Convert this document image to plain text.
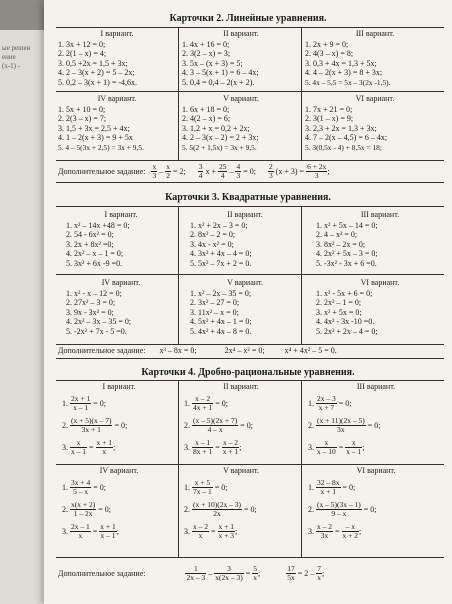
ые решен
ение
(х-1) -

Карточки 2. Линейные уравнения.
I вариант.
1. 3x + 12 = 0;
2. 2(1 – x) = 4;
3. 0,5 +2x = 1,5 + 3x;
4. 2 – 3(x + 2) = 5 – 2x;
5. 0,2 – 3(x + 1) = -4,6x.
II вариант.
1. 4x + 16 = 0;
2. 3(2 – x) = 3;
3. 5x – (x + 3) = 5;
4. 3 – 5(x + 1) = 6 – 4x;
5. 0,4 = 0,4 – 2(x + 2).
III вариант.
1. 2x + 9 = 0;
2. 4(3 – x) = 8;
3. 0,3 + 4x = 1,3 + 5x;
4. 4 – 2(x + 3) = 8 + 3x;
5. 4x – 5,5 = 5x – 3(2x -1,5).
IV вариант.
1. 5x + 10 = 0;
2. 2(3 – x) = 7;
3. 1,5 + 3x = 2,5 + 4x;
4. 1 – 2(x + 3) = 9 + 5x
5. 4 – 5(3x + 2,5) = 3x + 9,5.
V вариант.
1. 6x + 18 = 0;
2. 4(2 – x) = 6;
3. 1,2 + x = 0,2 + 2x;
4. 2 – 3(x – 2) = 2 + 3x;
5. 5(2 + 1,5x) = 3x + 9,5.
VI вариант.
1. 7x + 21 = 0;
2. 3(1 – x) = 9;
3. 2,3 + 2x = 1,3 + 3x;
4. 7 – 2(x – 4,5) = 6 – 4x;
5. 3(0,5x - 4) + 8,5x = 18;
Дополнительное задание: $\frac{x}{3} - \frac{x}{2} = 2$; $\frac{3}{4}$ $x + \frac{25}{4} - \frac{4}{3} = 0$; $\frac{2}{3} (x + 3) = \frac{6 + 2x}{3}$ ;
Карточки 3. Квадратные уравнения.
I вариант.
1. x² – 14x +48 = 0;
2. 54 - 6x² = 0;
3. 2x + 8x² =0;
4. 2x² – x – 1 = 0;
5. 3x² + 6x -9 =0.
II вариант.
1. x² + 2x – 3 = 0;
2. 8x² – 2 = 0;
3. 4x - x² = 0;
4. 3x² + 4x – 4 = 0;
5. 5x² – 7x + 2 = 0.
III вариант.
1. x² + 5x – 14 = 0;
2. 4 – x² = 0;
3. 8x² – 2x = 0;
4. 2x² + 5x – 3 = 0;
5. -3x² - 3x + 6 =0.
IV вариант.
1. x² - x – 12 = 0;
2. 27x² – 3 = 0;
3. 9x - 3x² = 0;
4. 2x² – 3x – 35 = 0;
5. -2x² + 7x - 5 =0.
V вариант.
1. x² – 2x – 35 = 0;
2. 3x² – 27 = 0;
3. 11x² – x = 0;
4. 5x² + 4x – 1 = 0;
5. 4x² + 4x – 8 = 0.
VI вариант.
1. x² - 5x + 6 = 0;
2. 2x² – 1 = 0;
3. x² + 5x = 0;
4. 4x² - 3x -10 =0.
5. 2x² + 2x – 4 = 0;
Дополнительное задание: x³ – 8x = 0;	2x⁴ – x² = 0;	x⁴ + 4x² – 5 = 0.
Карточки 4. Дробно-рациональные уравнения.
I вариант.
1. $\frac{2x + 1}{x - 1} = 0$;
2. $\frac{(x + 5)(x - 7)}{3x + 1} = 0$;
3. $\frac{x}{x - 1} = \frac{x + 1}{x}$ ;
II вариант.
1. $\frac{x - 2}{4x + 1} = 0$;
2. $\frac{(x - 5)(2x + 7)}{4 - x} = 0$;
3. $\frac{x - 1}{8x + 1} = \frac{x - 2}{x + 1}$ ;
III вариант.
1. $\frac{2x - 3}{x + 7} = 0$;
2. $\frac{(x + 11)(2x - 5)}{3x} = 0$;
3. $\frac{x}{x - 10} = \frac{x}{x - 1}$ ;
IV вариант.
1. $\frac{3x + 4}{5 - x} = 0$;
2. $\frac{x(x + 2)}{1 - 2x} = 0$;
3. $\frac{2x - 1}{x} = \frac{x + 1}{x - 1}$ ;
V вариант.
1. $\frac{x + 5}{7x - 1} = 0$;
2. $\frac{(x + 10)(2x - 3)}{2x} = 0$;
3. $\frac{x - 2}{x} = \frac{x + 1}{x + 3}$ ;
VI вариант.
1. $\frac{32 - 8x}{x + 1} = 0$;
2. $\frac{(x - 5)(3x - 1)}{9 - x} = 0$;
3. $\frac{x - 2}{3x} = \frac{- x}{x + 2}$ ;
Дополнительное задание:	$\frac{1}{2x - 3} - \frac{3}{x(2x - 3)} = \frac{5}{x}$ ;	$\frac{17}{5x} = 2 - \frac{7}{x}$ ;
